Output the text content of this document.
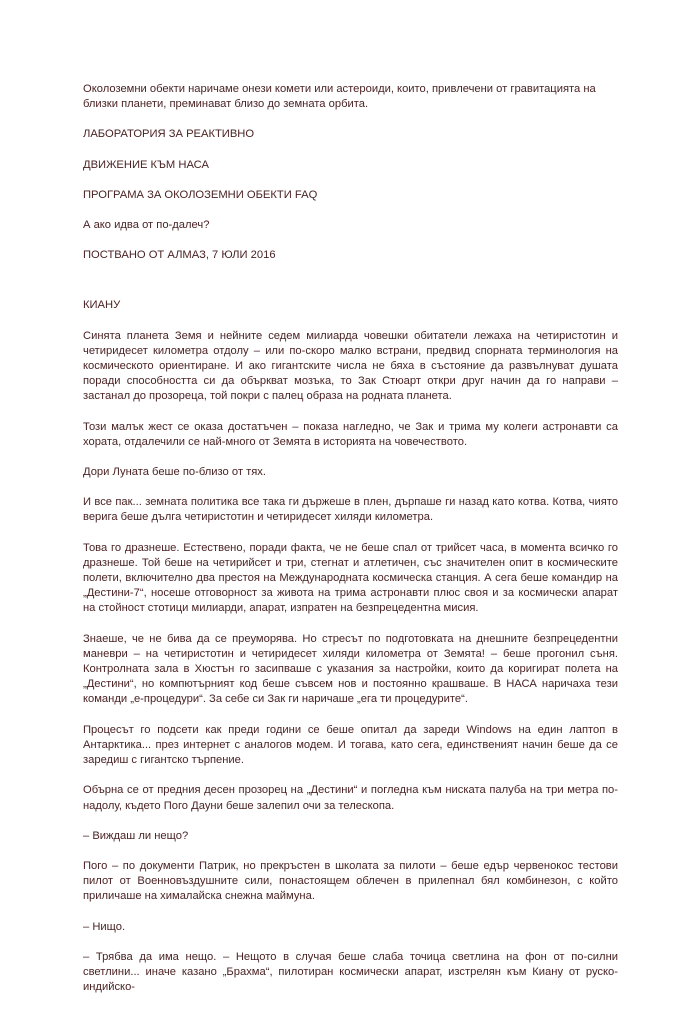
Околоземни обекти наричаме онези комети или астероиди, които, привлечени от гравитацията на близки планети, преминават близо до земната орбита.

ЛАБОРАТОРИЯ ЗА РЕАКТИВНО

ДВИЖЕНИЕ КЪМ НАСА

ПРОГРАМА ЗА ОКОЛОЗЕМНИ ОБЕКТИ FAQ

А ако идва от по-далеч?

ПОСТВАНО ОТ АЛМАЗ, 7 ЮЛИ 2016

КИАНУ

Синята планета Земя и нейните седем милиарда човешки обитатели лежаха на четиристотин и четиридесет километра отдолу – или по-скоро малко встрани, предвид спорната терминология на космическото ориентиране. И ако гигантските числа не бяха в състояние да развълнуват душата поради способността си да объркват мозъка, то Зак Стюарт откри друг начин да го направи – застанал до прозореца, той покри с палец образа на родната планета.

Този малък жест се оказа достатъчен – показа нагледно, че Зак и трима му колеги астронавти са хората, отдалечили се най-много от Земята в историята на човечеството.

Дори Луната беше по-близо от тях.

И все пак... земната политика все така ги държеше в плен, дърпаше ги назад като котва. Котва, чиято верига беше дълга четиристотин и четиридесет хиляди километра.

Това го дразнеше. Естествено, поради факта, че не беше спал от трийсет часа, в момента всичко го дразнеше. Той беше на четирийсет и три, стегнат и атлетичен, със значителен опит в космическите полети, включително два престоя на Международната космическа станция. А сега беше командир на „Дестини-7“, носеше отговорност за живота на трима астронавти плюс своя и за космически апарат на стойност стотици милиарди, апарат, изпратен на безпрецедентна мисия.

Знаеше, че не бива да се преуморява. Но стресът по подготовката на днешните безпрецедентни маневри – на четиристотин и четиридесет хиляди километра от Земята! – беше прогонил съня. Контролната зала в Хюстън го засипваше с указания за настройки, които да коригират полета на „Дестини“, но компютърният код беше съвсем нов и постоянно крашваше. В НАСА наричаха тези команди „е-процедури“. За себе си Зак ги наричаше „ега ти процедурите“.

Процесът го подсети как преди години се беше опитал да зареди Windows на един лаптоп в Антарктика... през интернет с аналогов модем. И тогава, като сега, единственият начин беше да се заредиш с гигантско търпение.

Обърна се от предния десен прозорец на „Дестини“ и погледна към ниската палуба на три метра по-надолу, където Пого Дауни беше залепил очи за телескопа.

– Виждаш ли нещо?

Пого – по документи Патрик, но прекръстен в школата за пилоти – беше едър червенокос тестови пилот от Военновъздушните сили, понастоящем облечен в прилепнал бял комбинезон, с който приличаше на хималайска снежна маймуна.

– Нищо.

– Трябва да има нещо. – Нещото в случая беше слаба точица светлина на фон от по-силни светлини... иначе казано „Брахма“, пилотиран космически апарат, изстрелян към Киану от руско-индийско-
